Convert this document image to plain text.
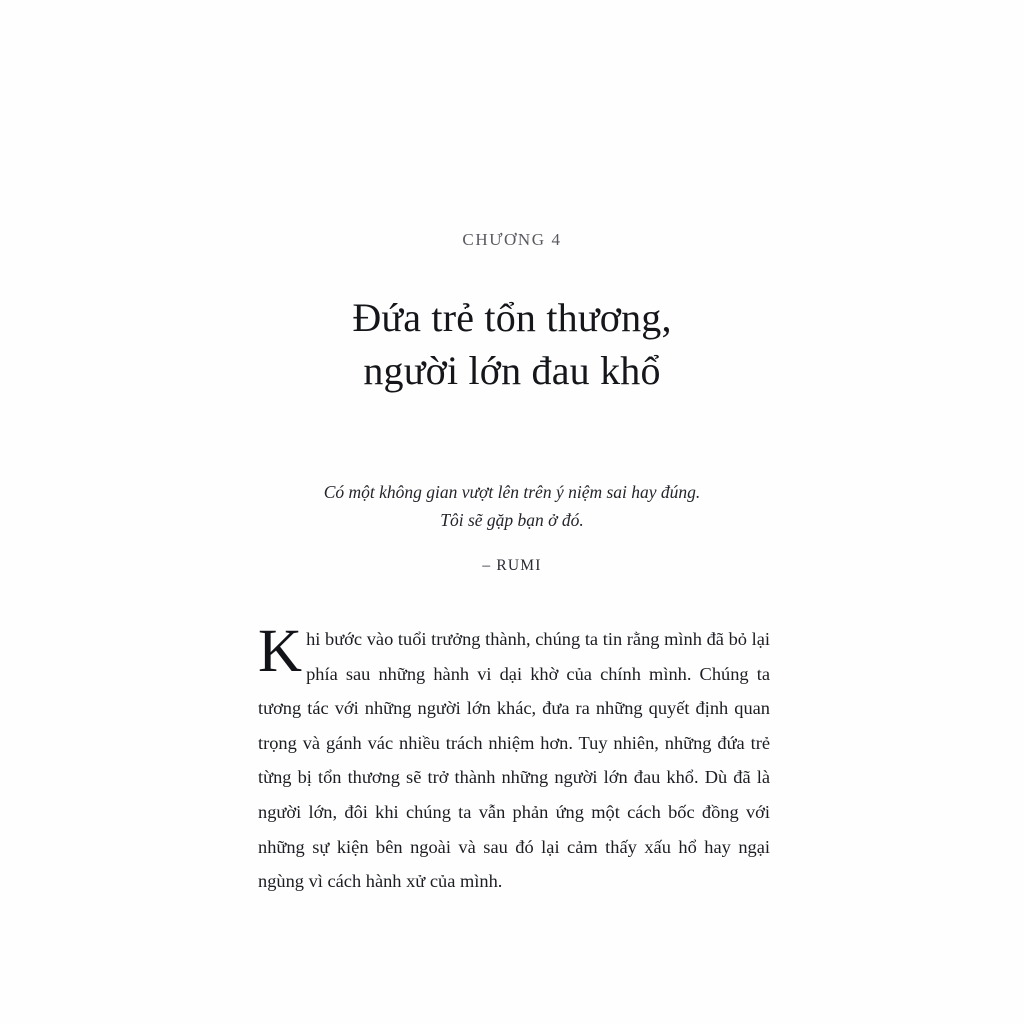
CHƯƠNG 4
Đứa trẻ tổn thương,
người lớn đau khổ
Có một không gian vượt lên trên ý niệm sai hay đúng.
Tôi sẽ gặp bạn ở đó.
– RUMI

Khi bước vào tuổi trưởng thành, chúng ta tin rằng mình đã bỏ lại phía sau những hành vi dại khờ của chính mình. Chúng ta tương tác với những người lớn khác, đưa ra những quyết định quan trọng và gánh vác nhiều trách nhiệm hơn. Tuy nhiên, những đứa trẻ từng bị tổn thương sẽ trở thành những người lớn đau khổ. Dù đã là người lớn, đôi khi chúng ta vẫn phản ứng một cách bốc đồng với những sự kiện bên ngoài và sau đó lại cảm thấy xấu hổ hay ngại ngùng vì cách hành xử của mình.
